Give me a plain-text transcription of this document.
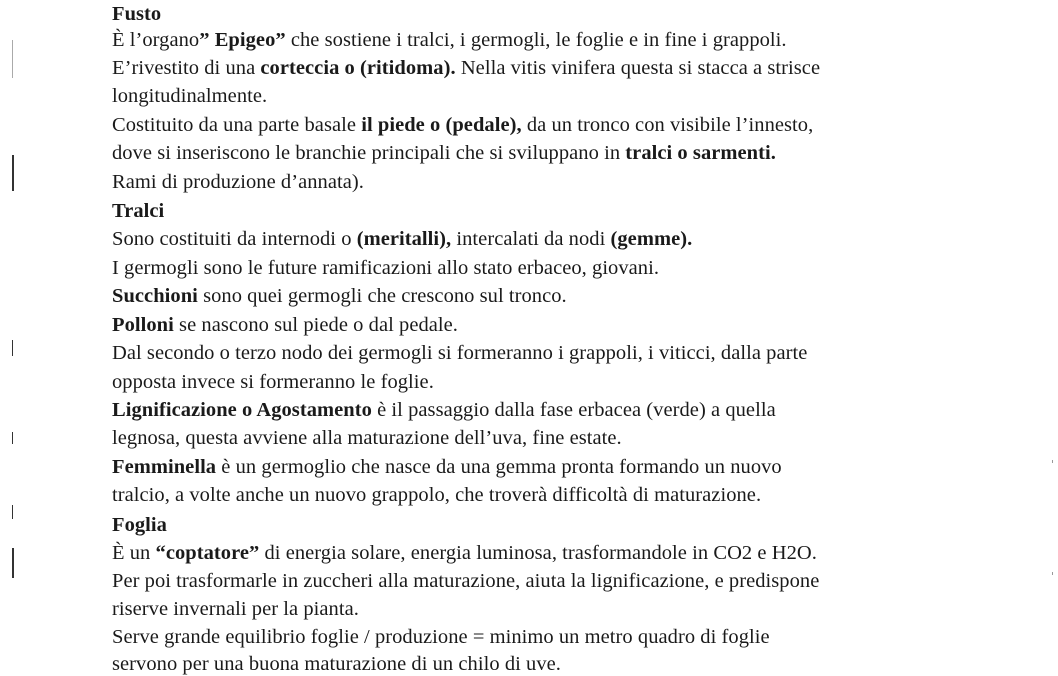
Fusto
È l’organo” Epigeo” che sostiene i tralci, i germogli, le foglie e in fine i grappoli.
E’rivestito di una corteccia o (ritidoma). Nella vitis vinifera questa si stacca a strisce
longitudinalmente.
Costituito da una parte basale il piede o (pedale), da un tronco con visibile l’innesto,
dove si inseriscono le branchie principali che si sviluppano in tralci o sarmenti.
Rami di produzione d’annata).
Tralci
Sono costituiti da internodi o (meritalli), intercalati da nodi (gemme).
I germogli sono le future ramificazioni allo stato erbaceo, giovani.
Succhioni sono quei germogli che crescono sul tronco.
Polloni se nascono sul piede o dal pedale.
Dal secondo o terzo nodo dei germogli si formeranno i grappoli, i viticci, dalla parte
opposta invece si formeranno le foglie.
Lignificazione o Agostamento è il passaggio dalla fase erbacea (verde) a quella
legnosa, questa avviene alla maturazione dell’uva, fine estate.
Femminella è un germoglio che nasce da una gemma pronta formando un nuovo
tralcio, a volte anche un nuovo grappolo, che troverà difficoltà di maturazione.
Foglia
È un “coptatore” di energia solare, energia luminosa, trasformandole in CO2 e H2O.
Per poi trasformarle in zuccheri alla maturazione, aiuta la lignificazione, e predispone
riserve invernali per la pianta.
Serve grande equilibrio foglie / produzione = minimo un metro quadro di foglie
servono per una buona maturazione di un chilo di uve.
